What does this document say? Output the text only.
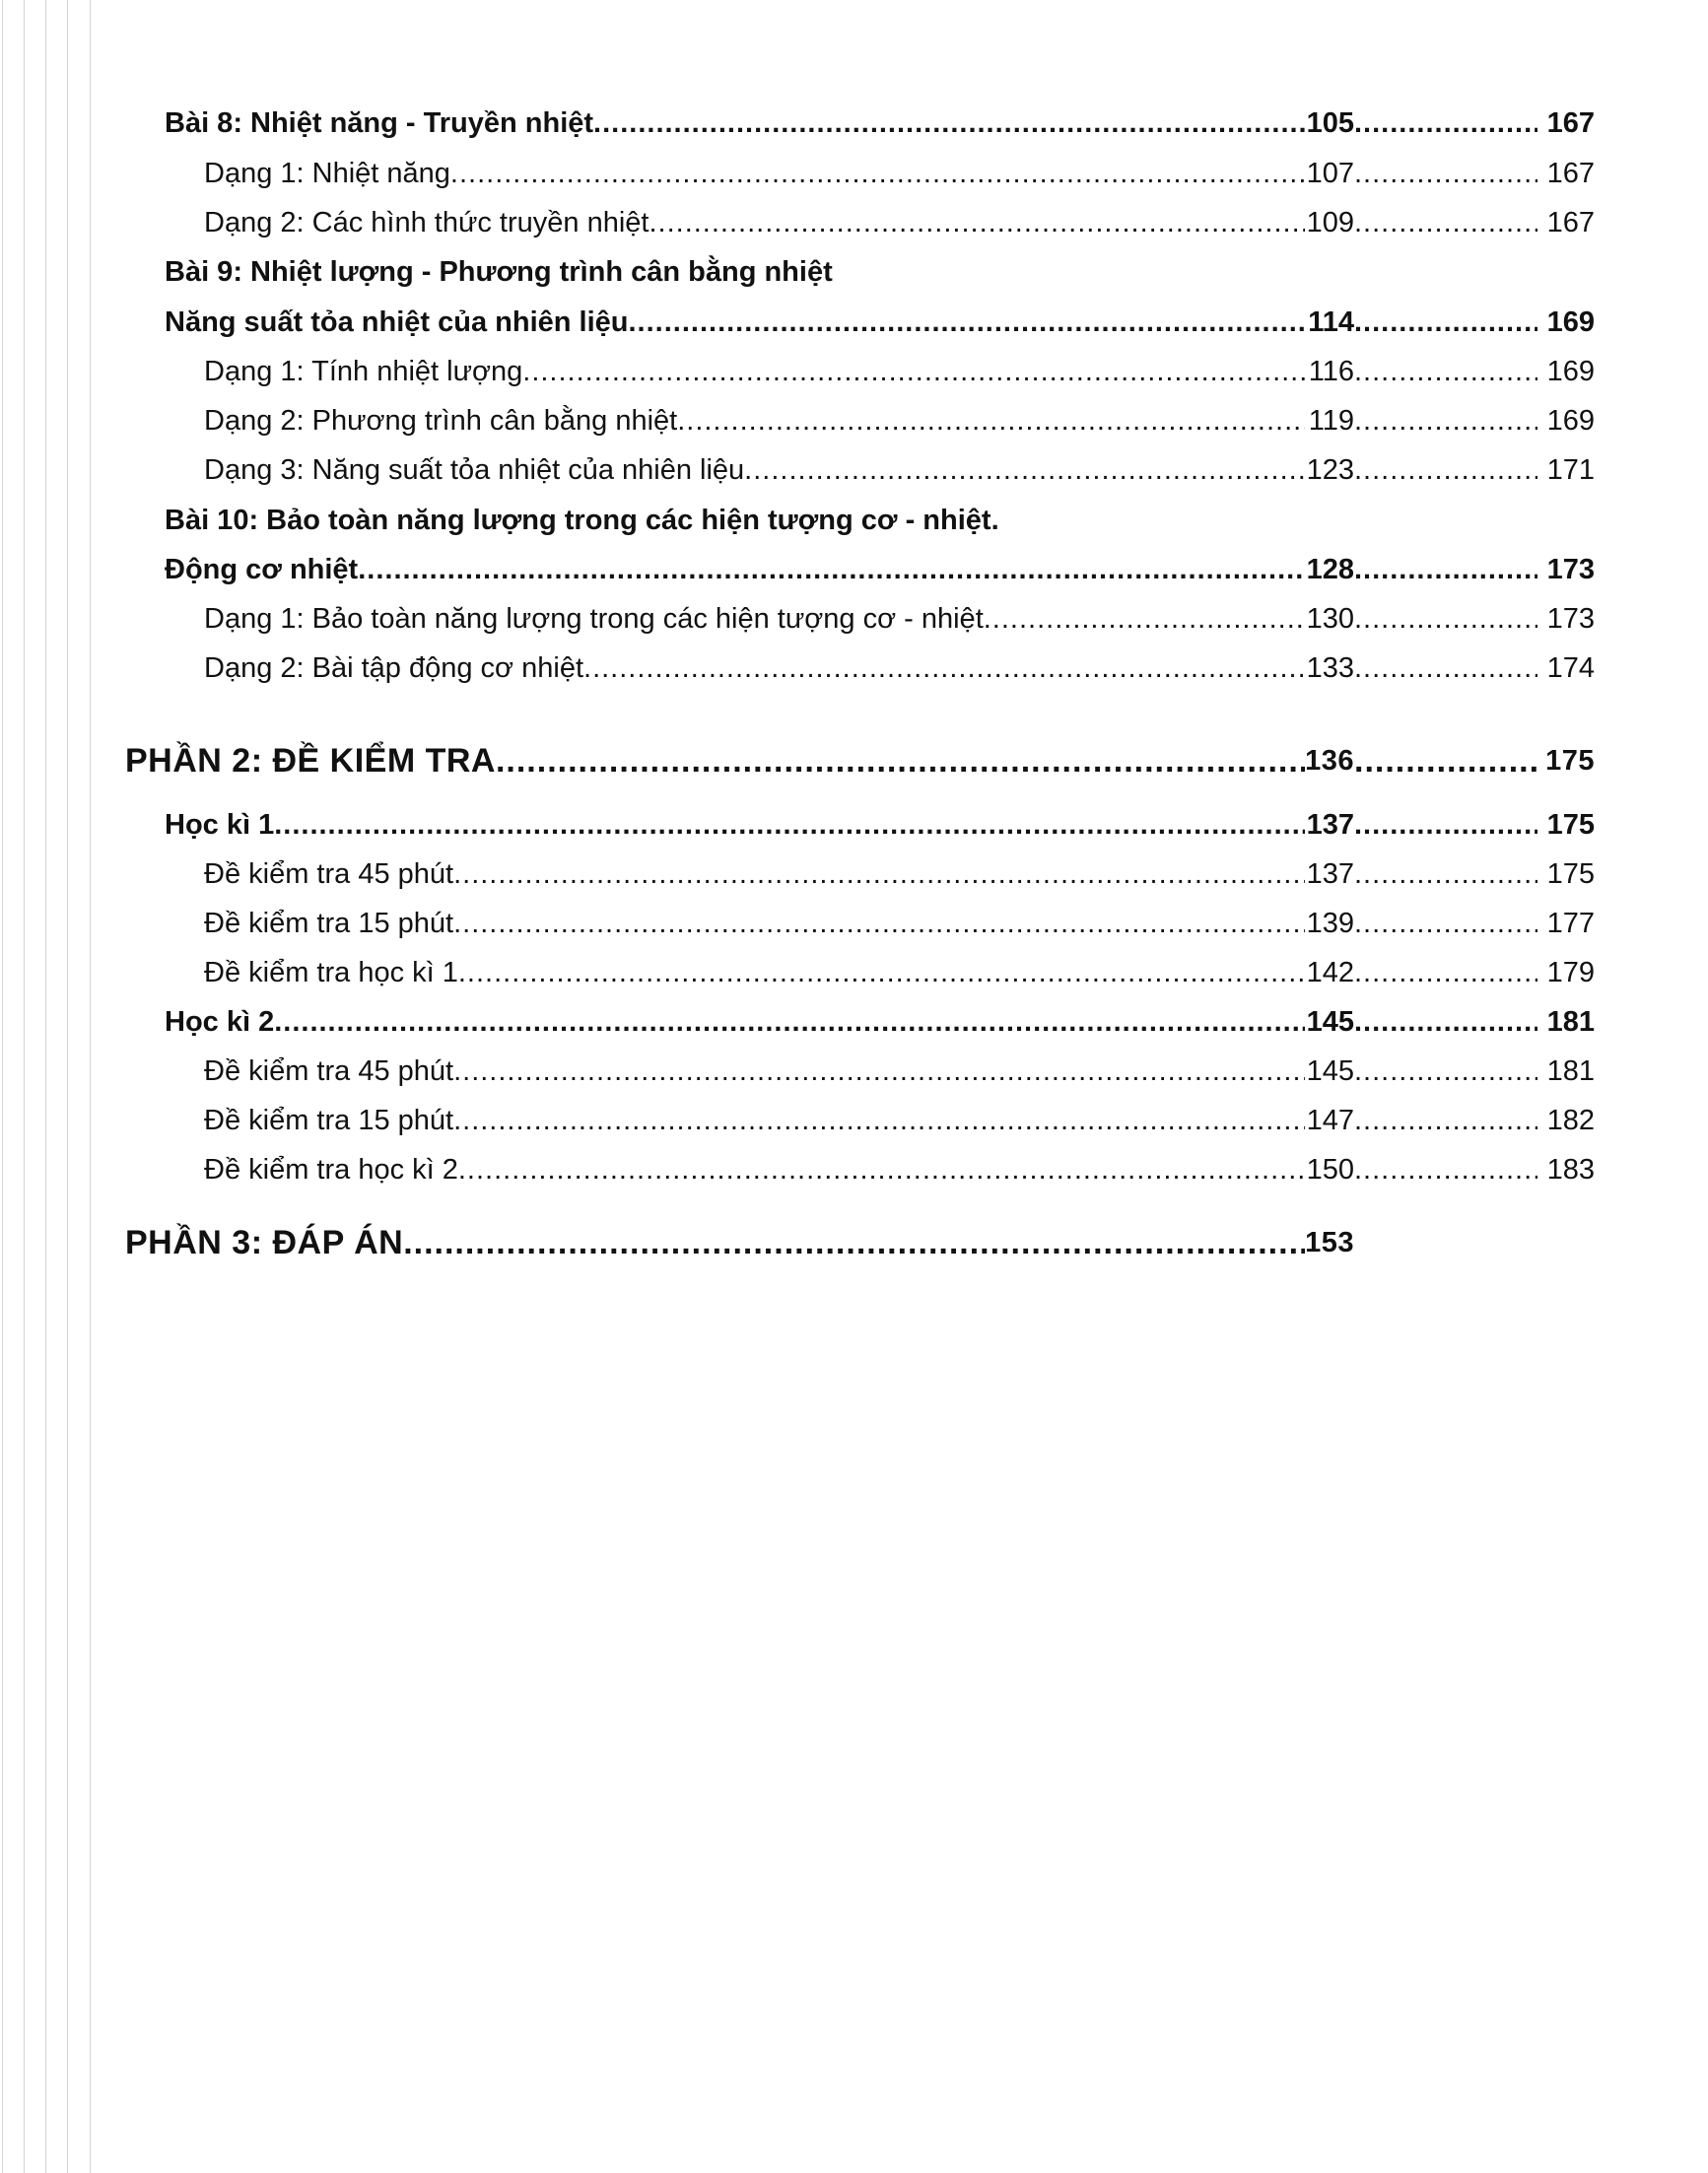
Bài 8: Nhiệt năng - Truyền nhiệt .....	105 .....	167
Dạng 1: Nhiệt năng .....	107 .....	167
Dạng 2: Các hình thức truyền nhiệt .....	109 .....	167
Bài 9: Nhiệt lượng - Phương trình cân bằng nhiệt
Năng suất tỏa nhiệt của nhiên liệu .....	114 .....	169
Dạng 1: Tính nhiệt lượng .....	116 .....	169
Dạng 2: Phương trình cân bằng nhiệt .....	119 .....	169
Dạng 3: Năng suất tỏa nhiệt của nhiên liệu .....	123 .....	171
Bài 10: Bảo toàn năng lượng trong các hiện tượng cơ - nhiệt.
Động cơ nhiệt .....	128 .....	173
Dạng 1: Bảo toàn năng lượng trong các hiện tượng cơ - nhiệt .....	130 .....	173
Dạng 2: Bài tập động cơ nhiệt .....	133 .....	174
PHẦN 2: ĐỀ KIỂM TRA .....	136 .....	175
Học kì 1 .....	137 .....	175
Đề kiểm tra 45 phút .....	137 .....	175
Đề kiểm tra 15 phút .....	139 .....	177
Đề kiểm tra học kì 1 .....	142 .....	179
Học kì 2 .....	145 .....	181
Đề kiểm tra 45 phút .....	145 .....	181
Đề kiểm tra 15 phút .....	147 .....	182
Đề kiểm tra học kì 2 .....	150 .....	183
PHẦN 3: ĐÁP ÁN .....	153
